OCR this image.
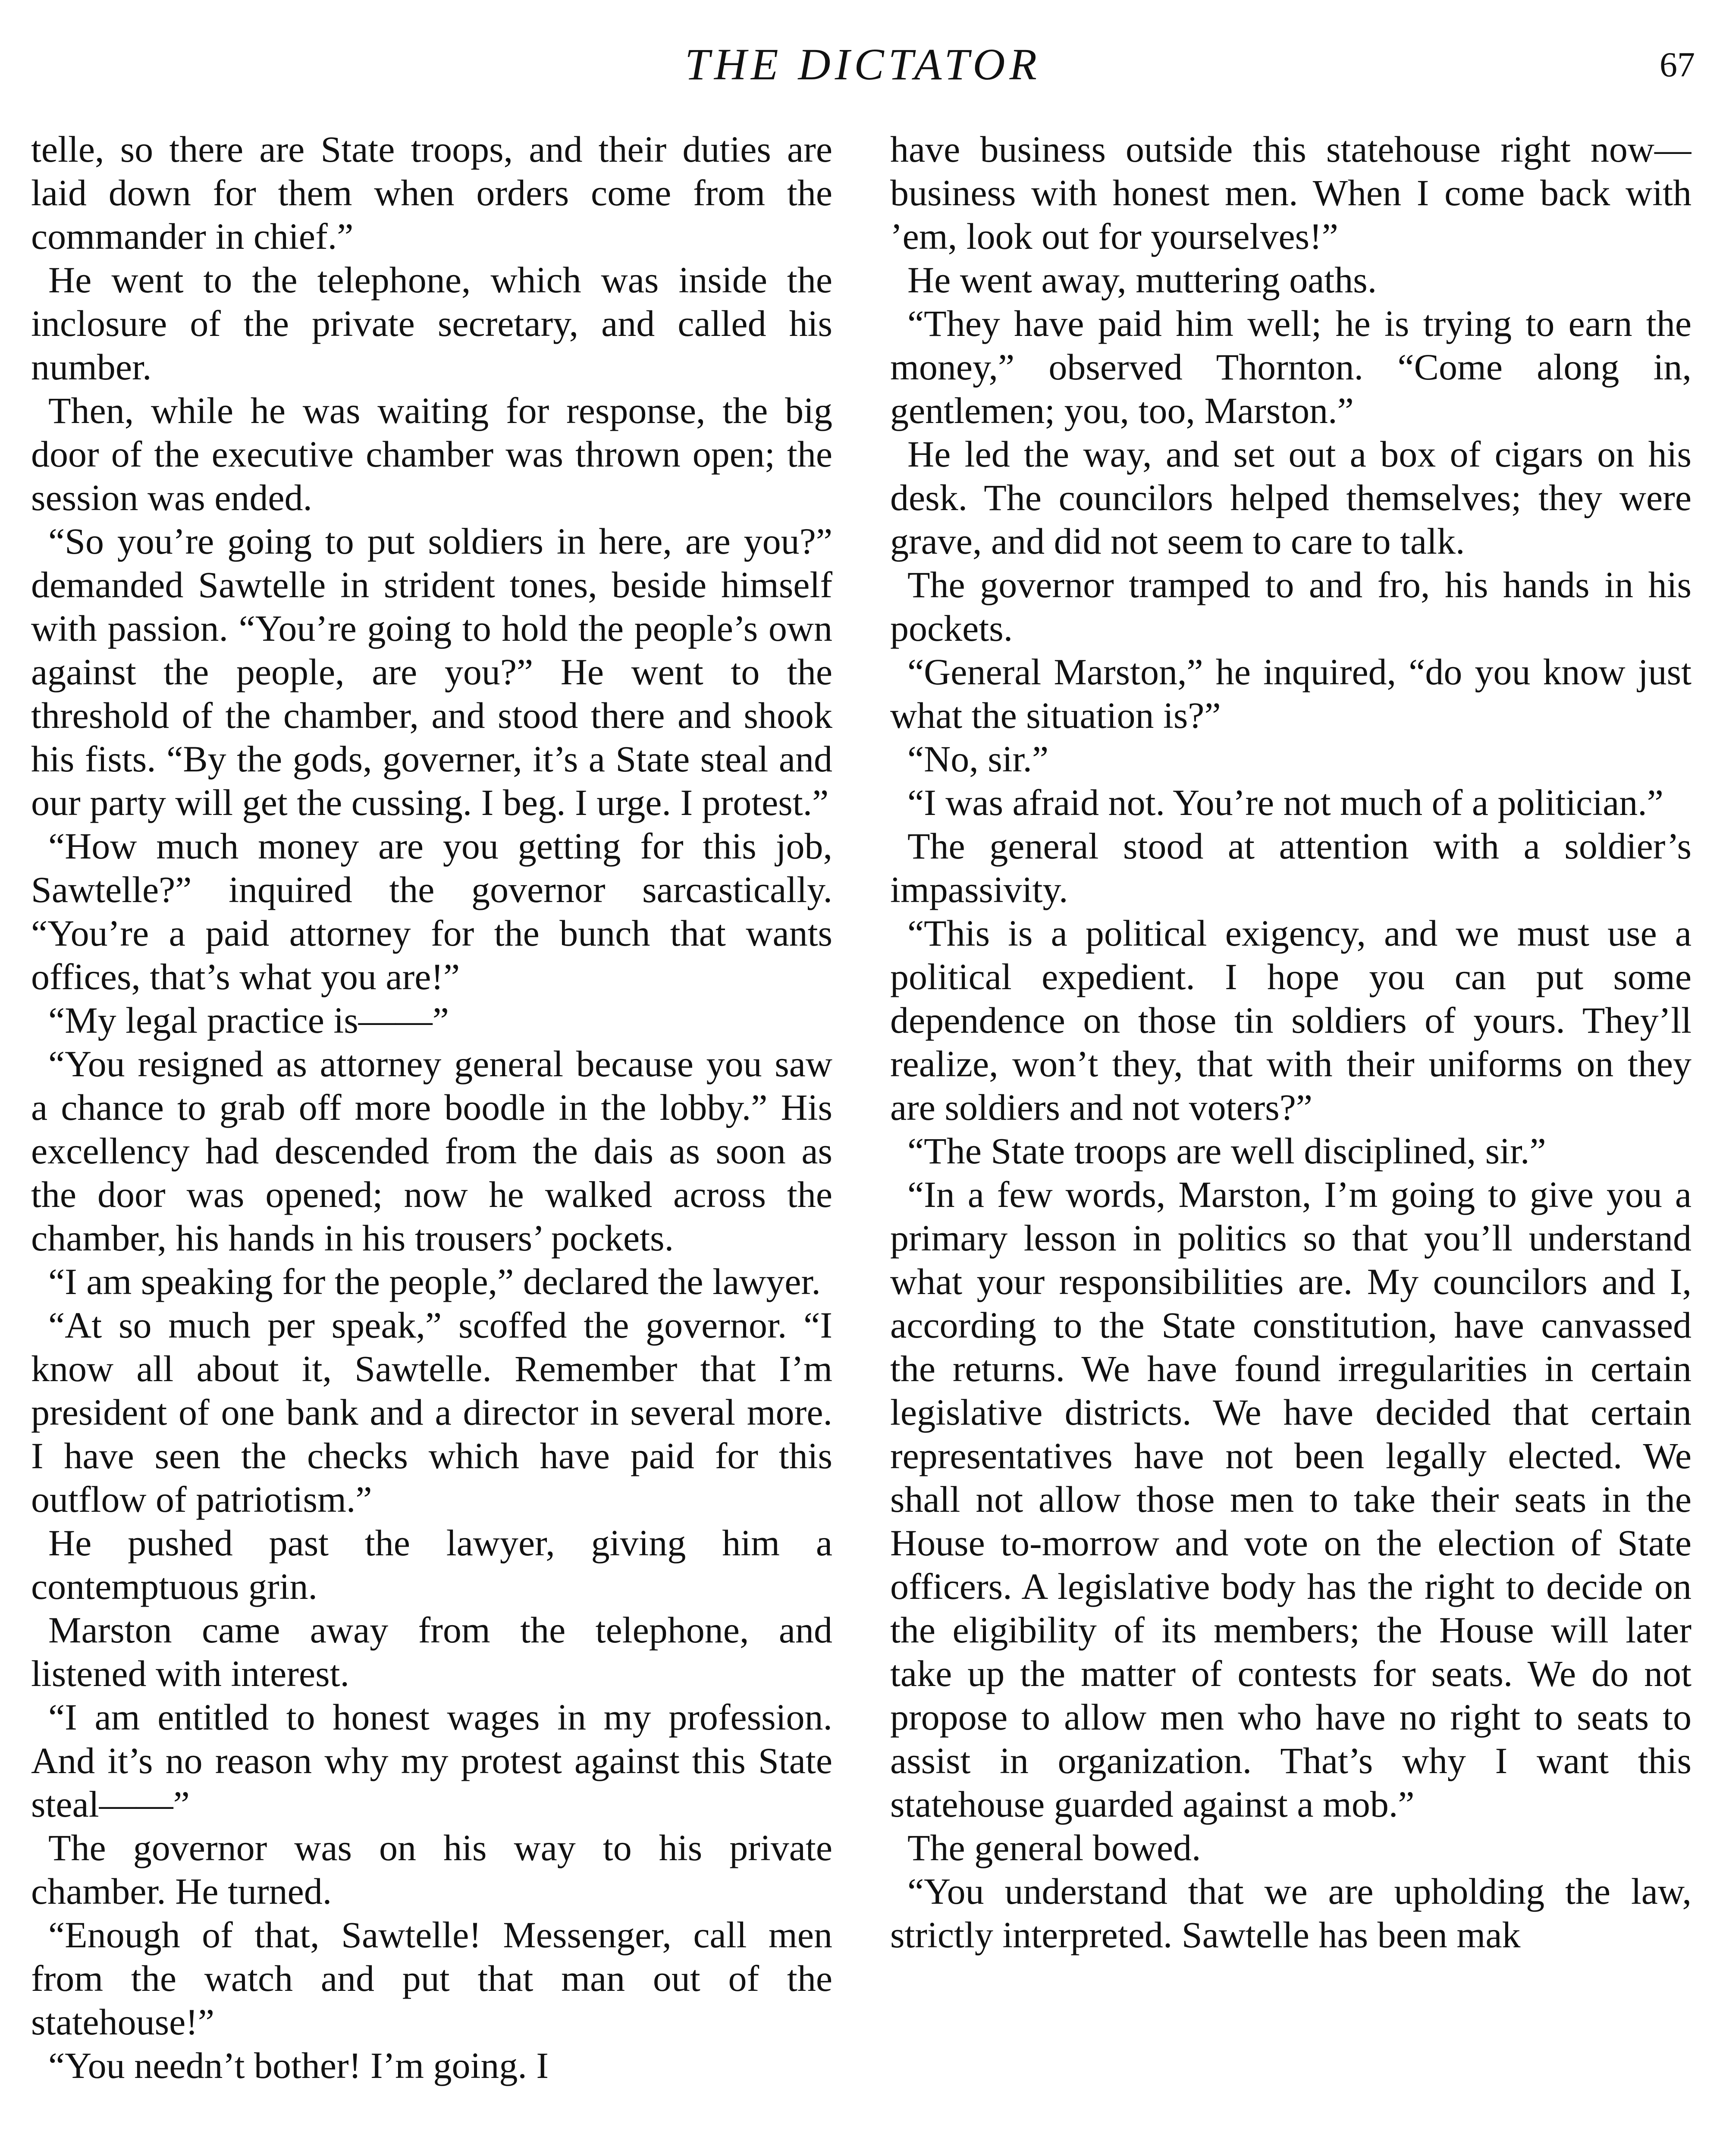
THE DICTATOR	67

telle, so there are State troops, and their duties are laid down for them when orders come from the commander in chief.”

He went to the telephone, which was inside the inclosure of the private secretary, and called his number.

Then, while he was waiting for response, the big door of the executive chamber was thrown open; the session was ended.

“So you’re going to put soldiers in here, are you?” demanded Sawtelle in strident tones, beside himself with passion. “You’re going to hold the people’s own against the people, are you?” He went to the threshold of the chamber, and stood there and shook his fists. “By the gods, governer, it’s a State steal and our party will get the cussing. I beg. I urge. I protest.”

“How much money are you getting for this job, Sawtelle?” inquired the governor sarcastically. “You’re a paid attorney for the bunch that wants offices, that’s what you are!”

“My legal practice is——”

“You resigned as attorney general because you saw a chance to grab off more boodle in the lobby.” His excellency had descended from the dais as soon as the door was opened; now he walked across the chamber, his hands in his trousers’ pockets.

“I am speaking for the people,” declared the lawyer.

“At so much per speak,” scoffed the governor. “I know all about it, Sawtelle. Remember that I’m president of one bank and a director in several more. I have seen the checks which have paid for this outflow of patriotism.”

He pushed past the lawyer, giving him a contemptuous grin.

Marston came away from the telephone, and listened with interest.

“I am entitled to honest wages in my profession. And it’s no reason why my protest against this State steal——”

The governor was on his way to his private chamber. He turned.

“Enough of that, Sawtelle! Messenger, call men from the watch and put that man out of the statehouse!”

“You needn’t bother! I’m going. I

have business outside this statehouse right now—business with honest men. When I come back with ’em, look out for yourselves!”

He went away, muttering oaths.

“They have paid him well; he is trying to earn the money,” observed Thornton. “Come along in, gentlemen; you, too, Marston.”

He led the way, and set out a box of cigars on his desk. The councilors helped themselves; they were grave, and did not seem to care to talk.

The governor tramped to and fro, his hands in his pockets.

“General Marston,” he inquired, “do you know just what the situation is?”

“No, sir.”

“I was afraid not. You’re not much of a politician.”

The general stood at attention with a soldier’s impassivity.

“This is a political exigency, and we must use a political expedient. I hope you can put some dependence on those tin soldiers of yours. They’ll realize, won’t they, that with their uniforms on they are soldiers and not voters?”

“The State troops are well disciplined, sir.”

“In a few words, Marston, I’m going to give you a primary lesson in politics so that you’ll understand what your responsibilities are. My councilors and I, according to the State constitution, have canvassed the returns. We have found irregularities in certain legislative districts. We have decided that certain representatives have not been legally elected. We shall not allow those men to take their seats in the House to-morrow and vote on the election of State officers. A legislative body has the right to decide on the eligibility of its members; the House will later take up the matter of contests for seats. We do not propose to allow men who have no right to seats to assist in organization. That’s why I want this statehouse guarded against a mob.”

The general bowed.

“You understand that we are upholding the law, strictly interpreted. Sawtelle has been mak
